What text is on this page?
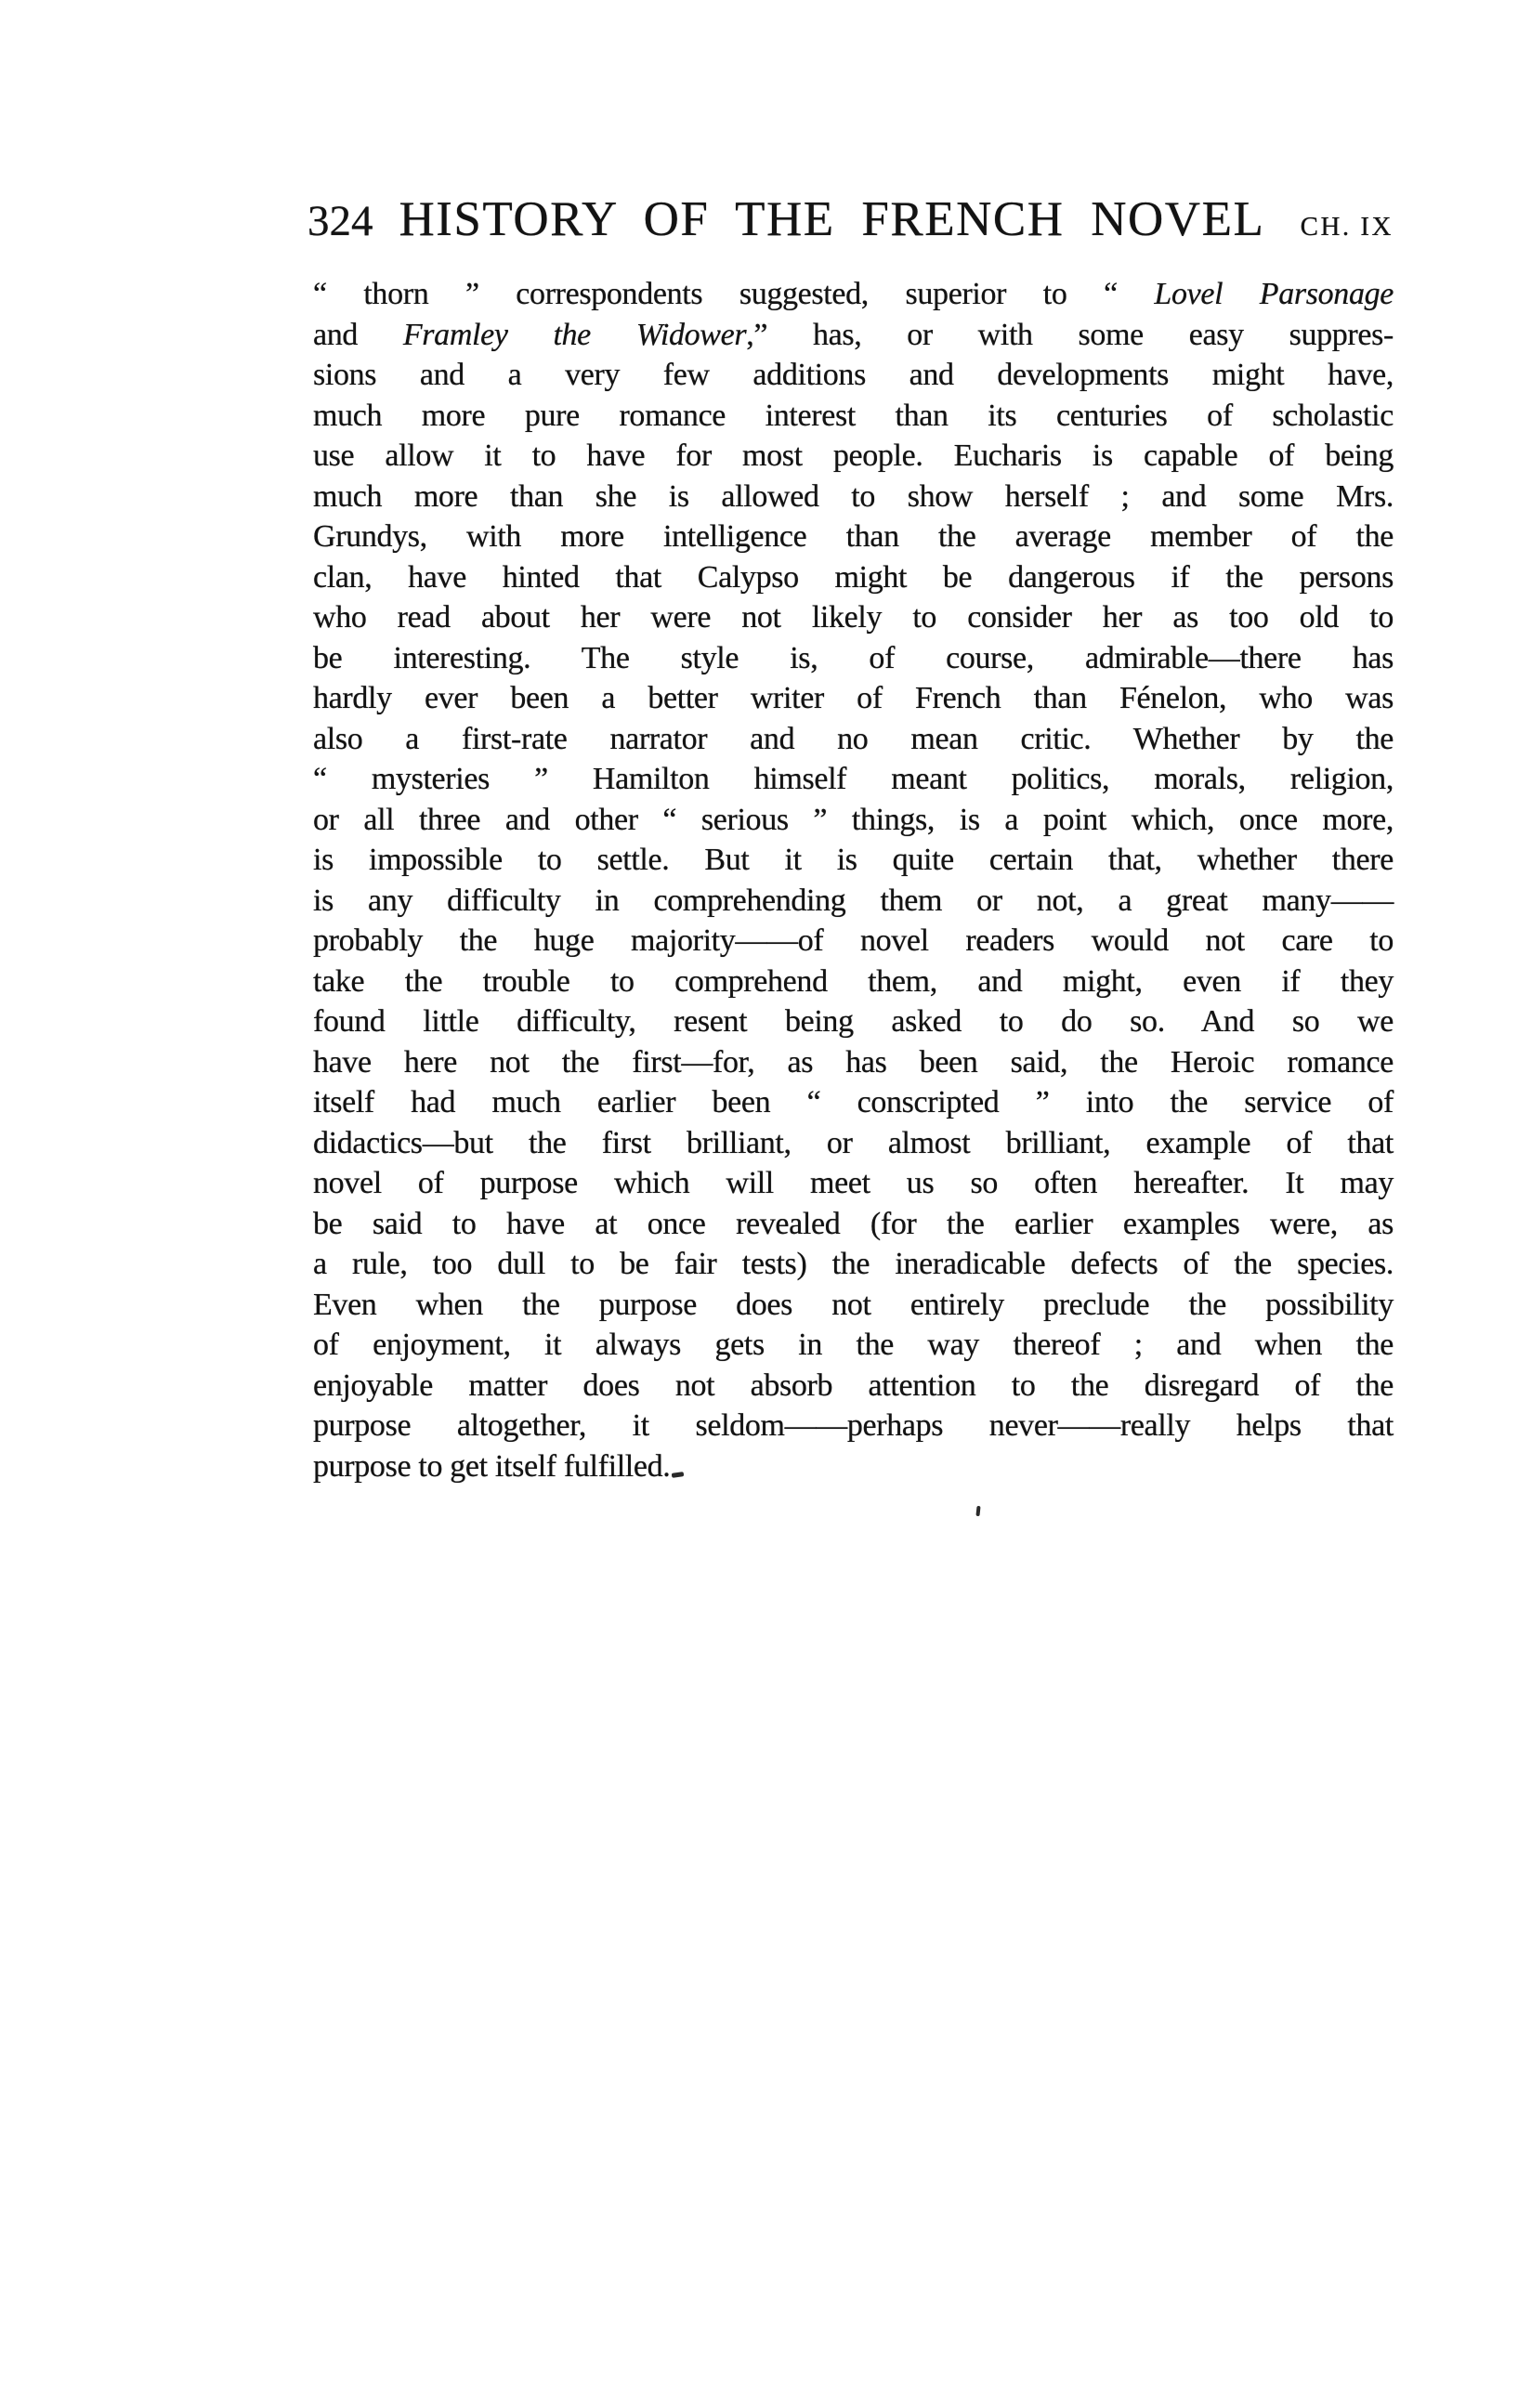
324 HISTORY OF THE FRENCH NOVEL CH. IX
“ thorn ” correspondents suggested, superior to “ Lovel Parsonage
and Framley the Widower,” has, or with some easy suppres-
sions and a very few additions and developments might have,
much more pure romance interest than its centuries of scholastic
use allow it to have for most people. Eucharis is capable of being
much more than she is allowed to show herself ; and some Mrs.
Grundys, with more intelligence than the average member of the
clan, have hinted that Calypso might be dangerous if the persons
who read about her were not likely to consider her as too old to
be interesting. The style is, of course, admirable—there has
hardly ever been a better writer of French than Fénelon, who was
also a first-rate narrator and no mean critic. Whether by the
“ mysteries ” Hamilton himself meant politics, morals, religion,
or all three and other “ serious ” things, is a point which, once more,
is impossible to settle. But it is quite certain that, whether there
is any difficulty in comprehending them or not, a great many——
probably the huge majority——of novel readers would not care to
take the trouble to comprehend them, and might, even if they
found little difficulty, resent being asked to do so. And so we
have here not the first—for, as has been said, the Heroic romance
itself had much earlier been “ conscripted ” into the service of
didactics—but the first brilliant, or almost brilliant, example of that
novel of purpose which will meet us so often hereafter. It may
be said to have at once revealed (for the earlier examples were, as
a rule, too dull to be fair tests) the ineradicable defects of the species.
Even when the purpose does not entirely preclude the possibility
of enjoyment, it always gets in the way thereof ; and when the
enjoyable matter does not absorb attention to the disregard of the
purpose altogether, it seldom——perhaps never——really helps that
purpose to get itself fulfilled.
